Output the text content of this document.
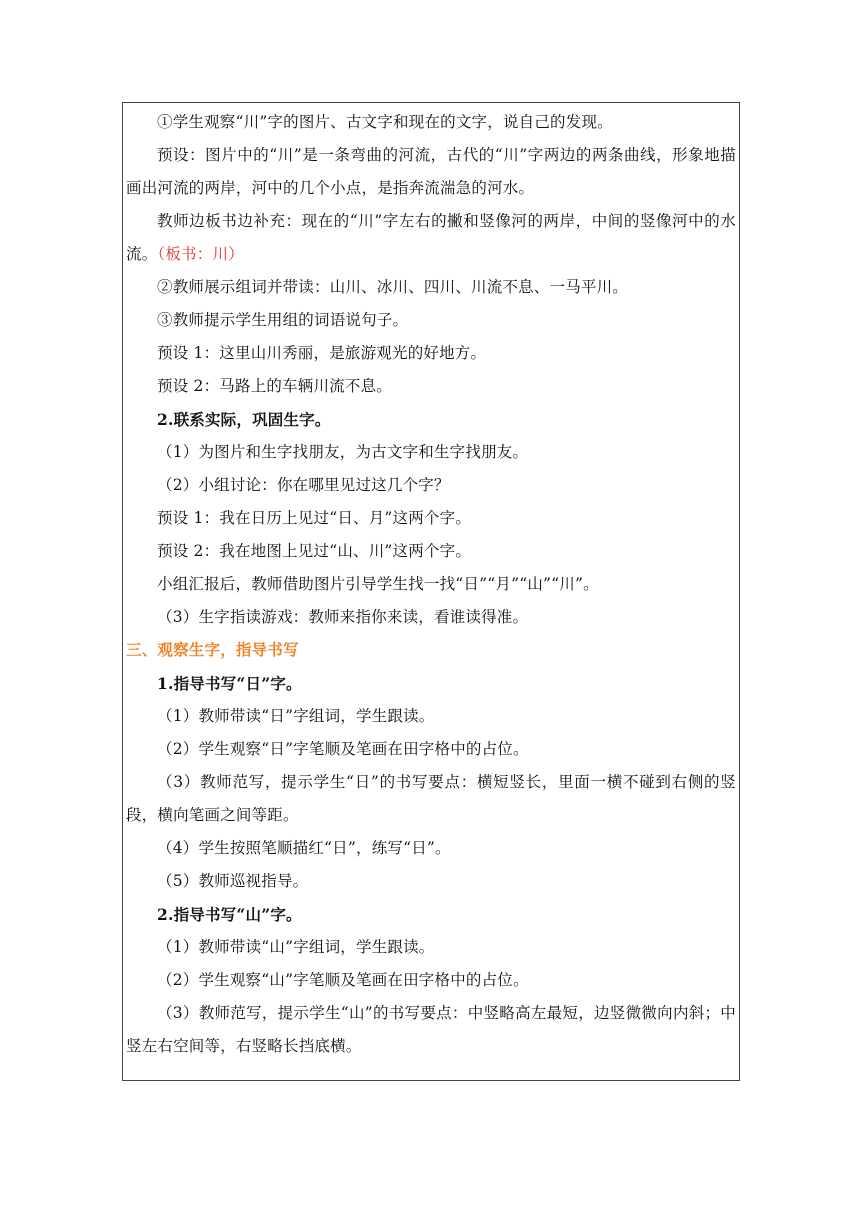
①学生观察“川”字的图片、古文字和现在的文字，说自己的发现。

预设：图片中的“川”是一条弯曲的河流，古代的“川”字两边的两条曲线，形象地描画出河流的两岸，河中的几个小点，是指奔流湍急的河水。

教师边板书边补充：现在的“川”字左右的撇和竖像河的两岸，中间的竖像河中的水流。（板书：川）

②教师展示组词并带读：山川、冰川、四川、川流不息、一马平川。

③教师提示学生用组的词语说句子。

预设 1：这里山川秀丽，是旅游观光的好地方。

预设 2：马路上的车辆川流不息。

2.联系实际，巩固生字。

（1）为图片和生字找朋友，为古文字和生字找朋友。

（2）小组讨论：你在哪里见过这几个字？

预设 1：我在日历上见过“日、月”这两个字。

预设 2：我在地图上见过“山、川”这两个字。

小组汇报后，教师借助图片引导学生找一找“日”“月”“山”“川”。

（3）生字指读游戏：教师来指你来读，看谁读得准。

三、观察生字，指导书写

1.指导书写“日”字。

（1）教师带读“日”字组词，学生跟读。

（2）学生观察“日”字笔顺及笔画在田字格中的占位。

（3）教师范写，提示学生“日”的书写要点：横短竖长，里面一横不碰到右侧的竖段，横向笔画之间等距。

（4）学生按照笔顺描红“日”，练写“日”。

（5）教师巡视指导。

2.指导书写“山”字。

（1）教师带读“山”字组词，学生跟读。

（2）学生观察“山”字笔顺及笔画在田字格中的占位。

（3）教师范写，提示学生“山”的书写要点：中竖略高左最短，边竖微微向内斜；中竖左右空间等，右竖略长挡底横。
